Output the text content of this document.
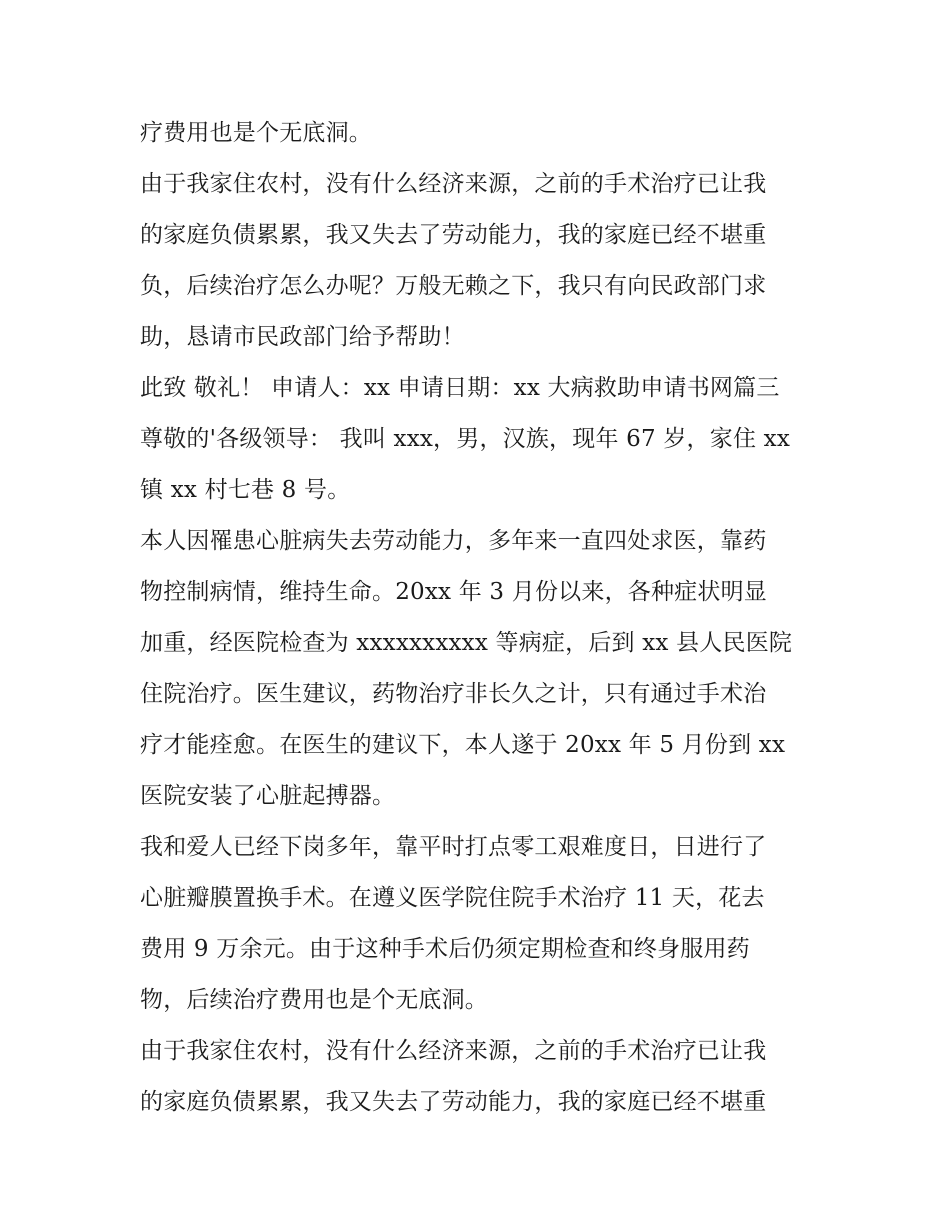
疗费用也是个无底洞。
由于我家住农村，没有什么经济来源，之前的手术治疗已让我
的家庭负债累累，我又失去了劳动能力，我的家庭已经不堪重
负，后续治疗怎么办呢？万般无赖之下，我只有向民政部门求
助，恳请市民政部门给予帮助！
此致 敬礼！ 申请人：xx 申请日期：xx 大病救助申请书网篇三
尊敬的'各级领导： 我叫 xxx，男，汉族，现年 67 岁，家住 xx
镇 xx 村七巷 8 号。
本人因罹患心脏病失去劳动能力，多年来一直四处求医，靠药
物控制病情，维持生命。20xx 年 3 月份以来，各种症状明显
加重，经医院检查为 xxxxxxxxxx 等病症，后到 xx 县人民医院
住院治疗。医生建议，药物治疗非长久之计，只有通过手术治
疗才能痊愈。在医生的建议下，本人遂于 20xx 年 5 月份到 xx
医院安装了心脏起搏器。
我和爱人已经下岗多年，靠平时打点零工艰难度日，日进行了
心脏瓣膜置换手术。在遵义医学院住院手术治疗 11 天，花去
费用 9 万余元。由于这种手术后仍须定期检查和终身服用药
物，后续治疗费用也是个无底洞。
由于我家住农村，没有什么经济来源，之前的手术治疗已让我
的家庭负债累累，我又失去了劳动能力，我的家庭已经不堪重
